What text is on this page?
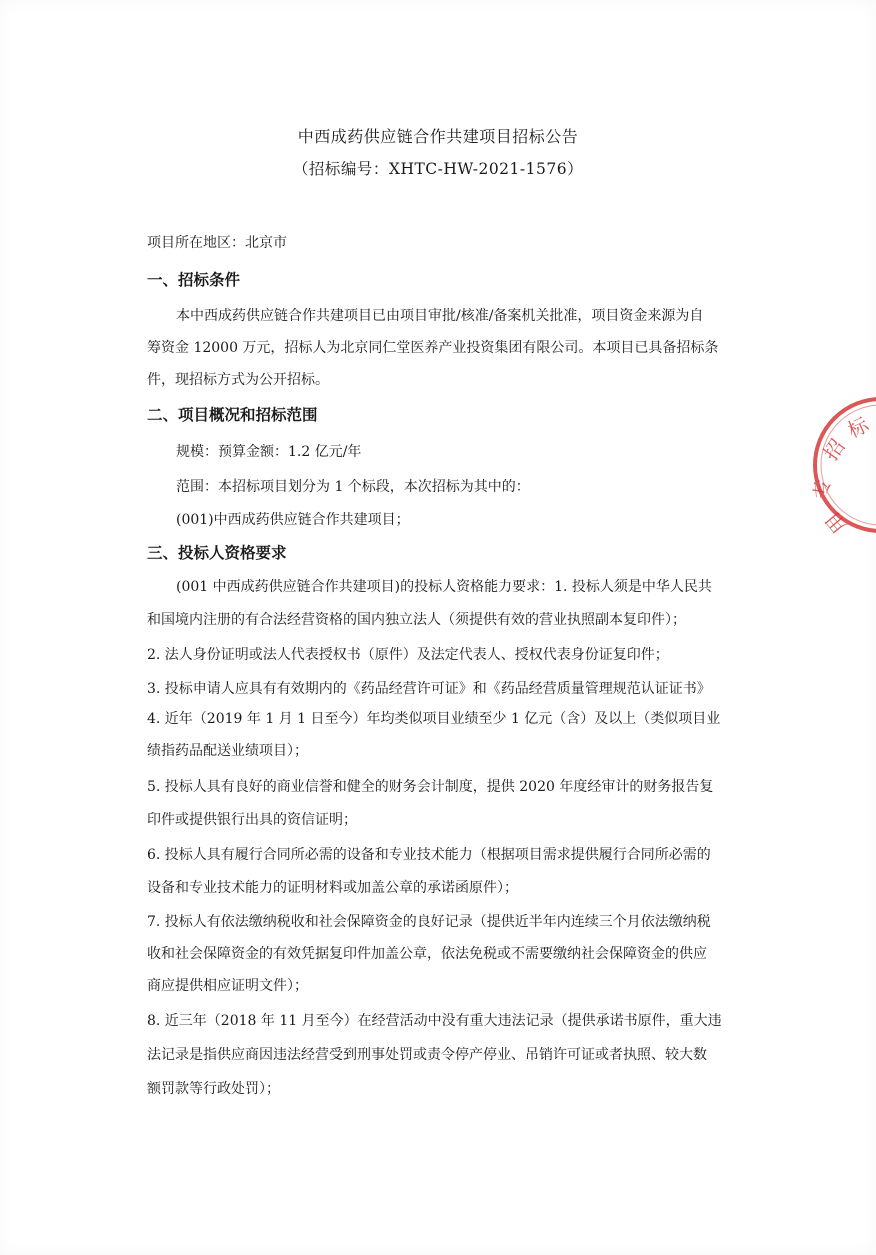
中西成药供应链合作共建项目招标公告
（招标编号：XHTC-HW-2021-1576）
项目所在地区：北京市
一、招标条件
本中西成药供应链合作共建项目已由项目审批/核准/备案机关批准，项目资金来源为自
筹资金 12000 万元，招标人为北京同仁堂医养产业投资集团有限公司。本项目已具备招标条
件，现招标方式为公开招标。
二、项目概况和招标范围
规模：预算金额：1.2 亿元/年
范围：本招标项目划分为 1 个标段，本次招标为其中的：
(001)中西成药供应链合作共建项目；
三、投标人资格要求
(001 中西成药供应链合作共建项目)的投标人资格能力要求：1. 投标人须是中华人民共
和国境内注册的有合法经营资格的国内独立法人（须提供有效的营业执照副本复印件）；
2. 法人身份证明或法人代表授权书（原件）及法定代表人、授权代表身份证复印件；
3. 投标申请人应具有有效期内的《药品经营许可证》和《药品经营质量管理规范认证证书》
4. 近年（2019 年 1 月 1 日至今）年均类似项目业绩至少 1 亿元（含）及以上（类似项目业
绩指药品配送业绩项目）；
5. 投标人具有良好的商业信誉和健全的财务会计制度，提供 2020 年度经审计的财务报告复
印件或提供银行出具的资信证明；
6. 投标人具有履行合同所必需的设备和专业技术能力（根据项目需求提供履行合同所必需的
设备和专业技术能力的证明材料或加盖公章的承诺函原件）；
7. 投标人有依法缴纳税收和社会保障资金的良好记录（提供近半年内连续三个月依法缴纳税
收和社会保障资金的有效凭据复印件加盖公章，依法免税或不需要缴纳社会保障资金的供应
商应提供相应证明文件）；
8. 近三年（2018 年 11 月至今）在经营活动中没有重大违法记录（提供承诺书原件，重大违
法记录是指供应商因违法经营受到刑事处罚或责令停产停业、吊销许可证或者执照、较大数
额罚款等行政处罚）；
招
标
专
用
